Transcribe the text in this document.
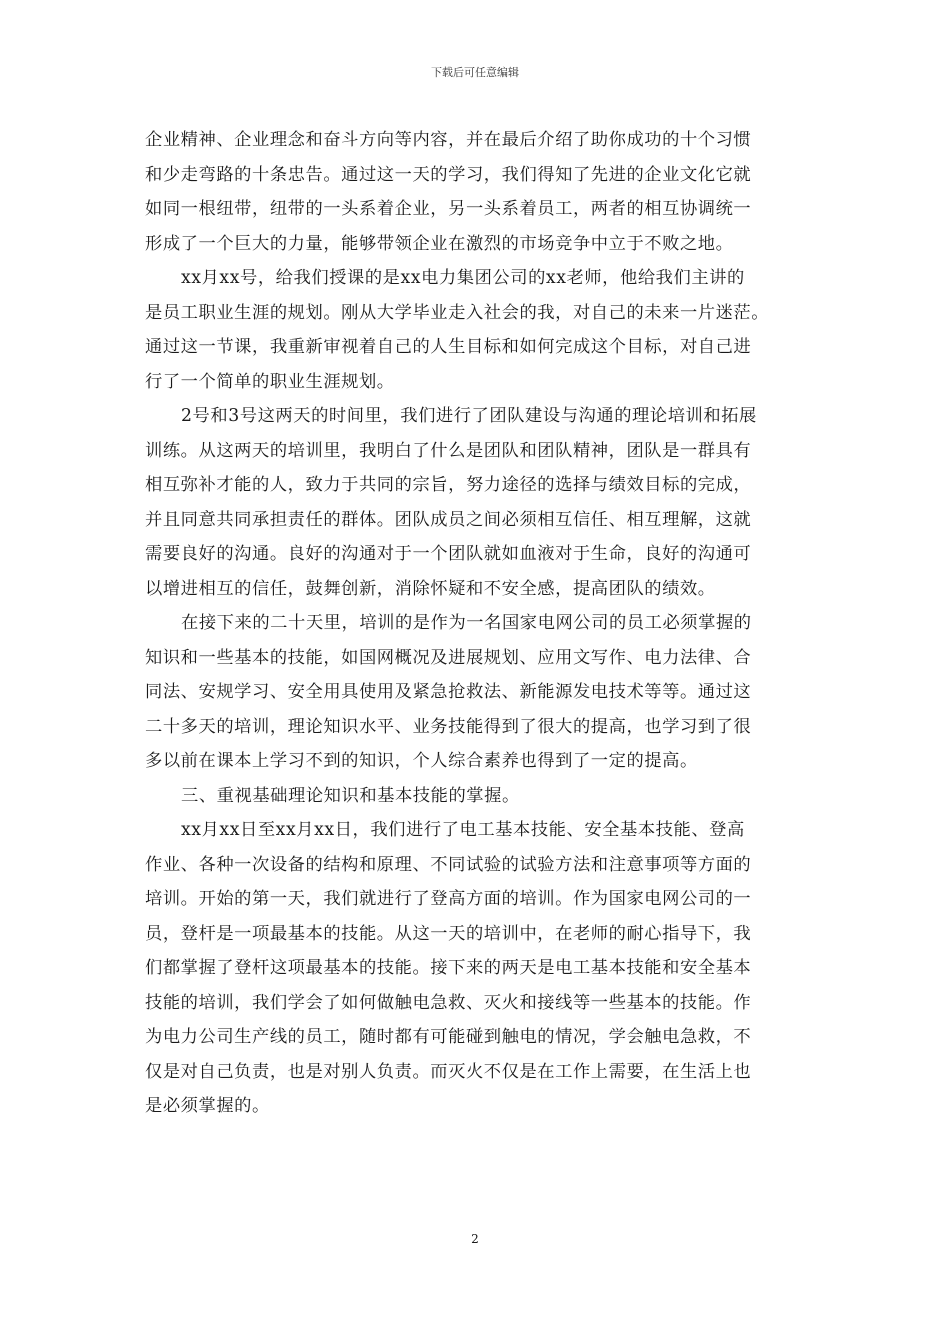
下载后可任意编辑

企业精神、企业理念和奋斗方向等内容，并在最后介绍了助你成功的十个习惯
和少走弯路的十条忠告。通过这一天的学习，我们得知了先进的企业文化它就
如同一根纽带，纽带的一头系着企业，另一头系着员工，两者的相互协调统一
形成了一个巨大的力量，能够带领企业在激烈的市场竞争中立于不败之地。

xx月xx号，给我们授课的是xx电力集团公司的xx老师，他给我们主讲的
是员工职业生涯的规划。刚从大学毕业走入社会的我，对自己的未来一片迷茫。
通过这一节课，我重新审视着自己的人生目标和如何完成这个目标，对自己进
行了一个简单的职业生涯规划。

2号和3号这两天的时间里，我们进行了团队建设与沟通的理论培训和拓展
训练。从这两天的培训里，我明白了什么是团队和团队精神，团队是一群具有
相互弥补才能的人，致力于共同的宗旨，努力途径的选择与绩效目标的完成，
并且同意共同承担责任的群体。团队成员之间必须相互信任、相互理解，这就
需要良好的沟通。良好的沟通对于一个团队就如血液对于生命，良好的沟通可
以增进相互的信任，鼓舞创新，消除怀疑和不安全感，提高团队的绩效。

在接下来的二十天里，培训的是作为一名国家电网公司的员工必须掌握的
知识和一些基本的技能，如国网概况及进展规划、应用文写作、电力法律、合
同法、安规学习、安全用具使用及紧急抢救法、新能源发电技术等等。通过这
二十多天的培训，理论知识水平、业务技能得到了很大的提高，也学习到了很
多以前在课本上学习不到的知识，个人综合素养也得到了一定的提高。

三、重视基础理论知识和基本技能的掌握。

xx月xx日至xx月xx日，我们进行了电工基本技能、安全基本技能、登高
作业、各种一次设备的结构和原理、不同试验的试验方法和注意事项等方面的
培训。开始的第一天，我们就进行了登高方面的培训。作为国家电网公司的一
员，登杆是一项最基本的技能。从这一天的培训中，在老师的耐心指导下，我
们都掌握了登杆这项最基本的技能。接下来的两天是电工基本技能和安全基本
技能的培训，我们学会了如何做触电急救、灭火和接线等一些基本的技能。作
为电力公司生产线的员工，随时都有可能碰到触电的情况，学会触电急救，不
仅是对自己负责，也是对别人负责。而灭火不仅是在工作上需要，在生活上也
是必须掌握的。

2
